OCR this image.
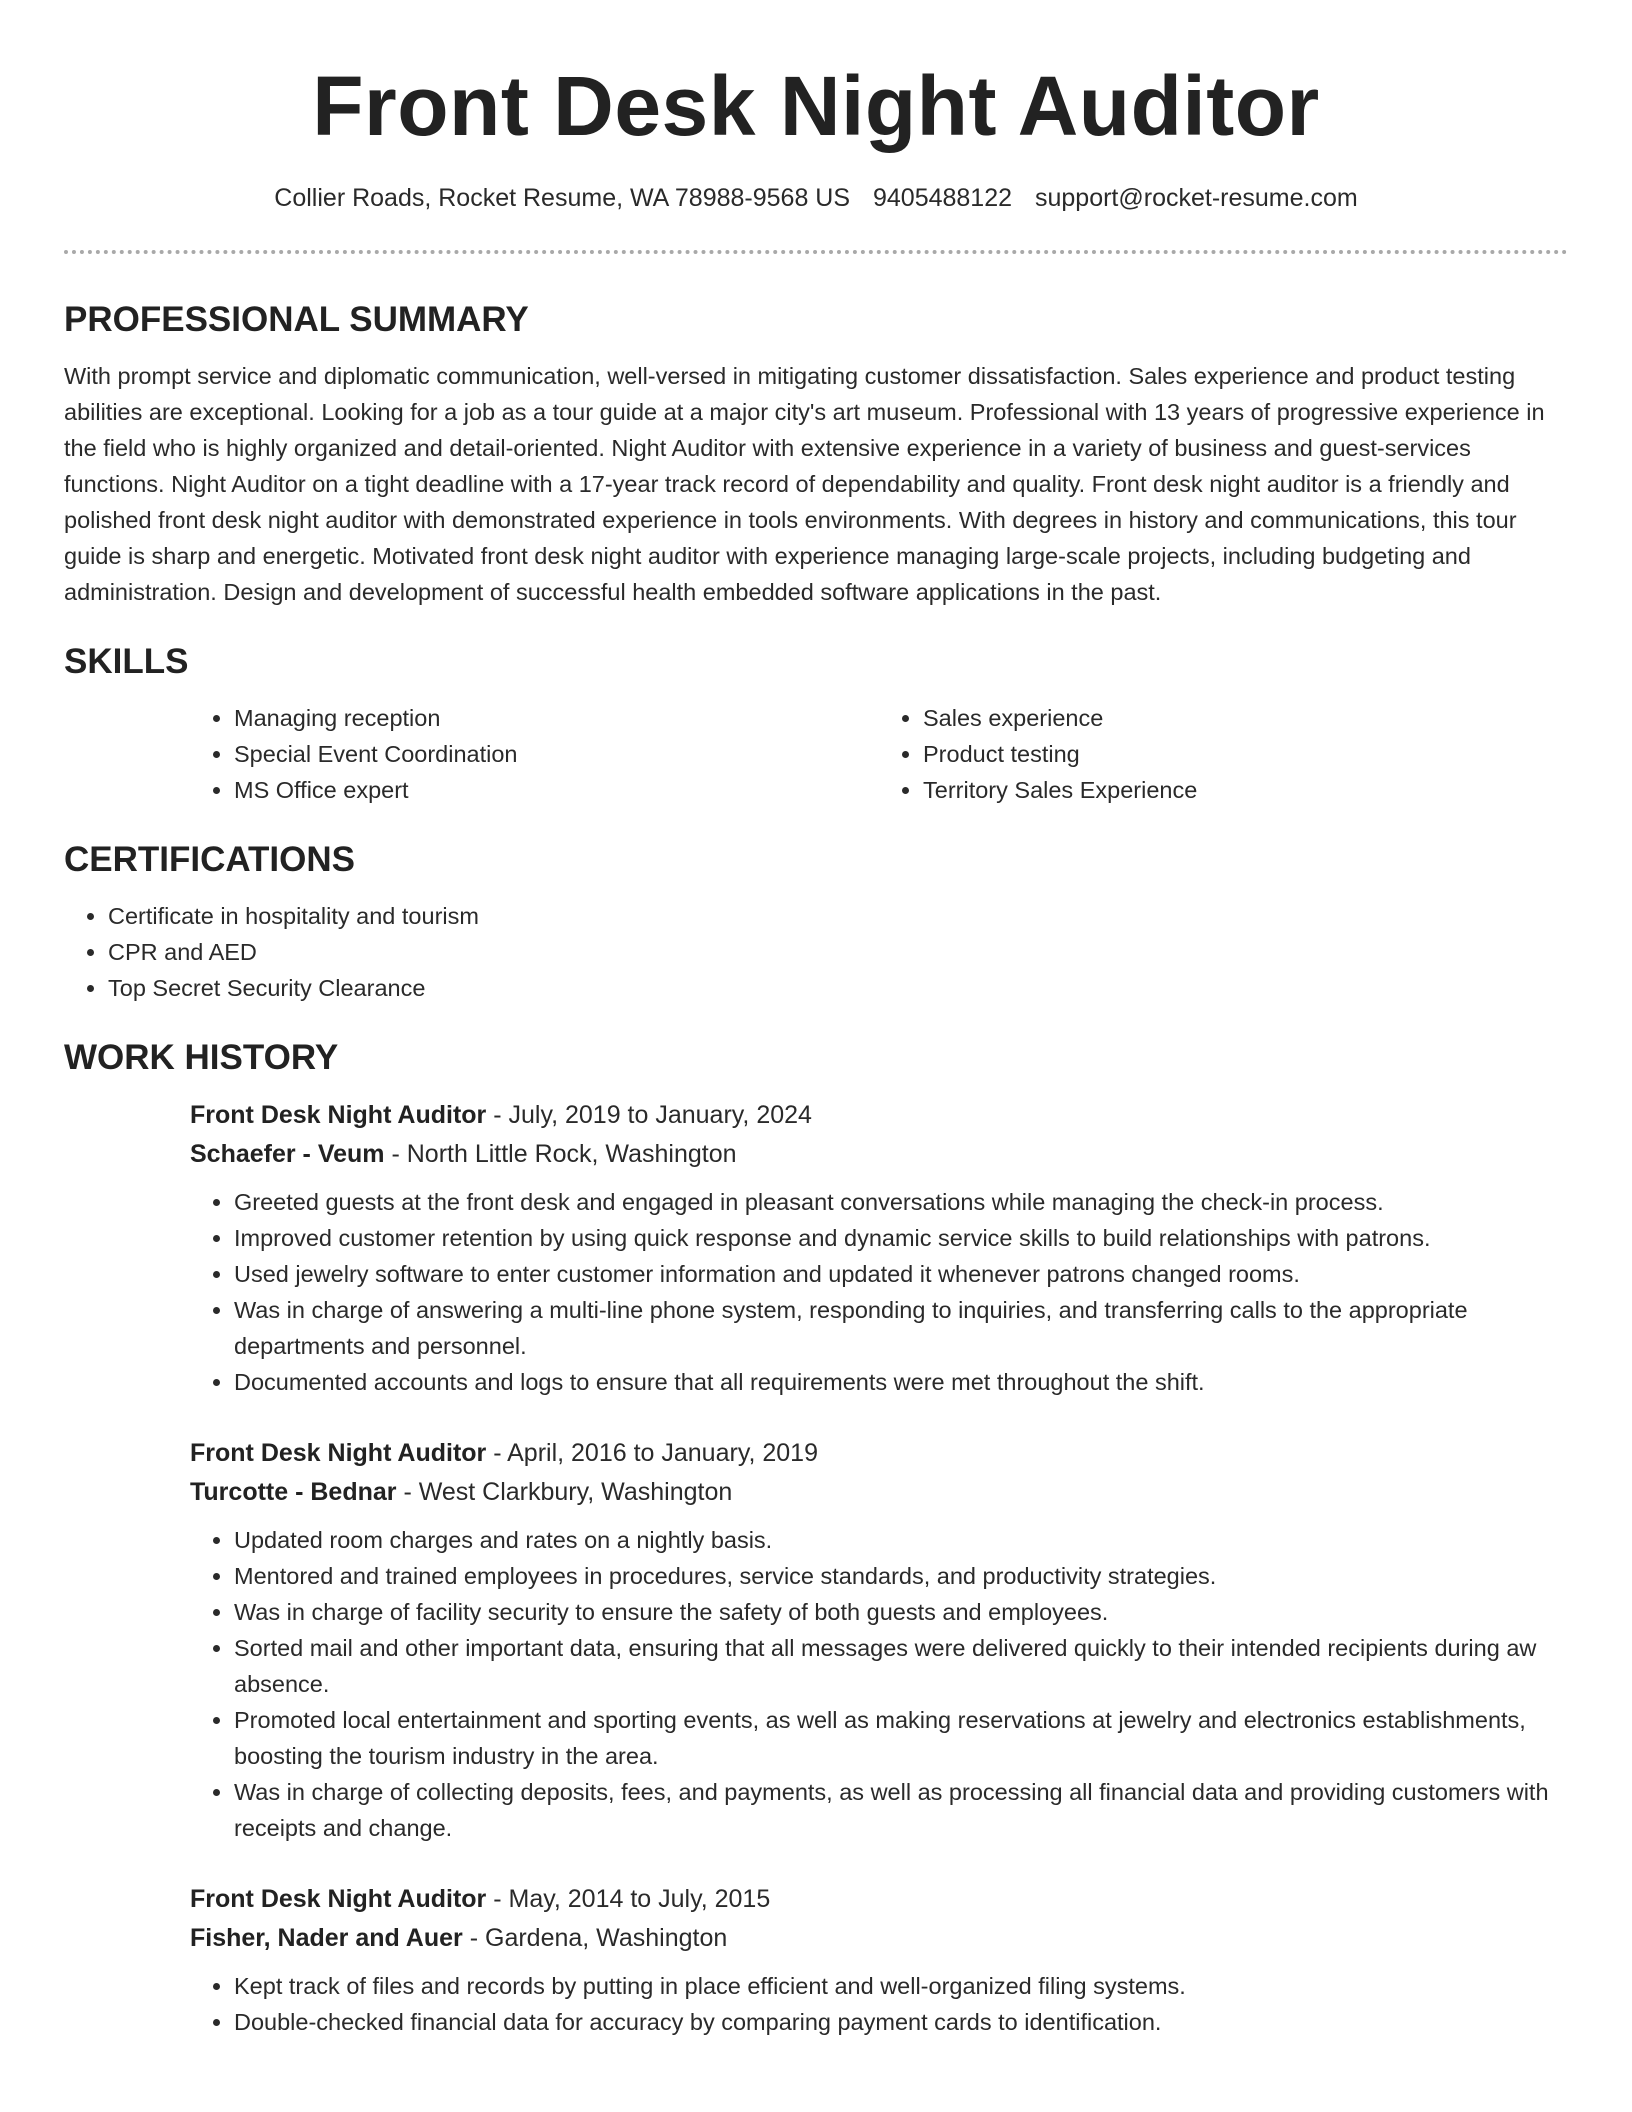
Front Desk Night Auditor
Collier Roads, Rocket Resume, WA 78988-9568 US 9405488122 support@rocket-resume.com
PROFESSIONAL SUMMARY

With prompt service and diplomatic communication, well-versed in mitigating customer dissatisfaction. Sales experience and product testing abilities are exceptional. Looking for a job as a tour guide at a major city's art museum. Professional with 13 years of progressive experience in the field who is highly organized and detail-oriented. Night Auditor with extensive experience in a variety of business and guest-services functions. Night Auditor on a tight deadline with a 17-year track record of dependability and quality. Front desk night auditor is a friendly and polished front desk night auditor with demonstrated experience in tools environments. With degrees in history and communications, this tour guide is sharp and energetic. Motivated front desk night auditor with experience managing large-scale projects, including budgeting and administration. Design and development of successful health embedded software applications in the past.

SKILLS
• Managing reception
• Special Event Coordination
• MS Office expert
• Sales experience
• Product testing
• Territory Sales Experience
CERTIFICATIONS
• Certificate in hospitality and tourism
• CPR and AED
• Top Secret Security Clearance
WORK HISTORY
Front Desk Night Auditor - July, 2019 to January, 2024
Schaefer - Veum - North Little Rock, Washington
• Greeted guests at the front desk and engaged in pleasant conversations while managing the check-in process.
• Improved customer retention by using quick response and dynamic service skills to build relationships with patrons.
• Used jewelry software to enter customer information and updated it whenever patrons changed rooms.
• Was in charge of answering a multi-line phone system, responding to inquiries, and transferring calls to the appropriate departments and personnel.
• Documented accounts and logs to ensure that all requirements were met throughout the shift.
Front Desk Night Auditor - April, 2016 to January, 2019
Turcotte - Bednar - West Clarkbury, Washington
• Updated room charges and rates on a nightly basis.
• Mentored and trained employees in procedures, service standards, and productivity strategies.
• Was in charge of facility security to ensure the safety of both guests and employees.
• Sorted mail and other important data, ensuring that all messages were delivered quickly to their intended recipients during aw absence.
• Promoted local entertainment and sporting events, as well as making reservations at jewelry and electronics establishments, boosting the tourism industry in the area.
• Was in charge of collecting deposits, fees, and payments, as well as processing all financial data and providing customers with receipts and change.
Front Desk Night Auditor - May, 2014 to July, 2015
Fisher, Nader and Auer - Gardena, Washington
• Kept track of files and records by putting in place efficient and well-organized filing systems.
• Double-checked financial data for accuracy by comparing payment cards to identification.
